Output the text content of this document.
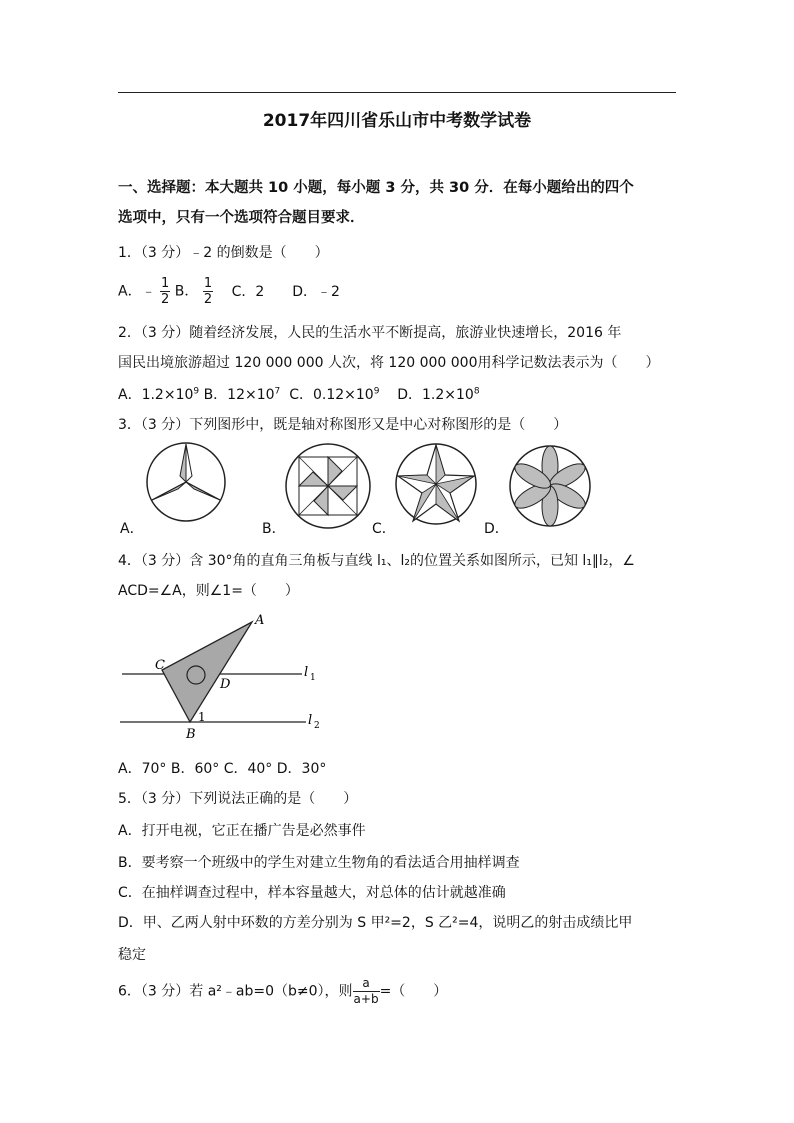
2017年四川省乐山市中考数学试卷
一、选择题：本大题共 10 小题，每小题 3 分，共 30 分．在每小题给出的四个
选项中，只有一个选项符合题目要求．
1．（3 分）﹣2 的倒数是（　　）
A．﹣ $\frac{1}{2}$ B． $\frac{1}{2}$ C．2　　D．﹣2
2．（3 分）随着经济发展，人民的生活水平不断提高，旅游业快速增长，2016 年
国民出境旅游超过 120 000 000 人次，将 120 000 000用科学记数法表示为（　　）
A．$1.2\times 10^9$ B．$12\times 10^7$ C．$0.12\times 10^9$ D．$1.2\times 10^8$
3．（3 分）下列图形中，既是轴对称图形又是中心对称图形的是（　　）
A．	B．	C．	D．
4．（3 分）含 30°角的直角三角板与直线 l₁、l₂的位置关系如图所示，已知 l₁∥l₂，∠
ACD=∠A，则∠1=（　　）
A
C
D
B
1
l 1
l 2
A．70° B．60° C．40° D．30°
5．（3 分）下列说法正确的是（　　）
A．打开电视，它正在播广告是必然事件
B．要考察一个班级中的学生对建立生物角的看法适合用抽样调查
C．在抽样调查过程中，样本容量越大，对总体的估计就越准确
D．甲、乙两人射中环数的方差分别为 S 甲²=2，S 乙²=4，说明乙的射击成绩比甲
稳定
6．（3 分）若 a²﹣ab=0（b≠0），则 $\frac{a}{a+b}$ =（　　）
